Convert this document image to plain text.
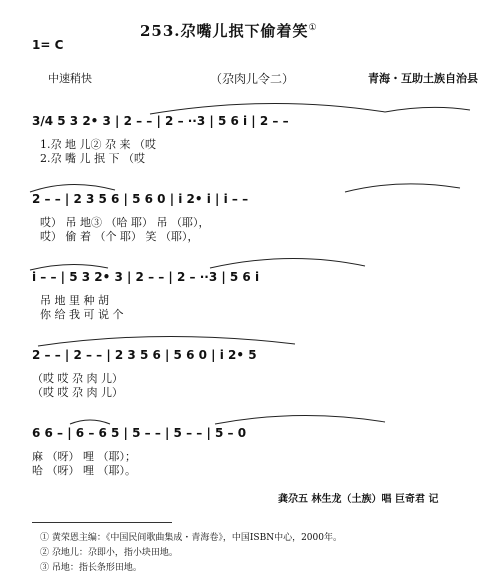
253.尕嘴儿抿下偷着笑①
1= C
中速稍快	（尕肉儿令二）	青海・互助土族自治县
3/4 5 3 2• 3 | 2 – – | 2 – ··3 | 5 6 i | 2 – –
1.尕 地 儿② 尕 来 （哎
2.尕 嘴 儿 抿 下 （哎
2 – – | 2 3 5 6 | 5 6 0 | i 2• i | i – –
哎） 吊 地③ （哈 耶） 吊 （耶），
哎） 偷 着 （个 耶） 笑 （耶），
i – – | 5 3 2• 3 | 2 – – | 2 – ··3 | 5 6 i
吊 地 里 种 胡
你 给 我 可 说 个
2 – – | 2 – – | 2 3 5 6 | 5 6 0 | i 2• 5
（哎 哎 尕 肉 儿）
（哎 哎 尕 肉 儿）
6 6 – | 6 – 6 5 | 5 – – | 5 – – | 5 – 0
麻 （呀） 哩 （耶）；
哈 （呀） 哩 （耶）。
龚尕五 林生龙（土族）唱 巨奇君 记
① 黄荣恩主编：《中国民间歌曲集成・青海卷》，中国ISBN中心，2000年。
② 尕地儿：尕即小，指小块田地。
③ 吊地：指长条形田地。
